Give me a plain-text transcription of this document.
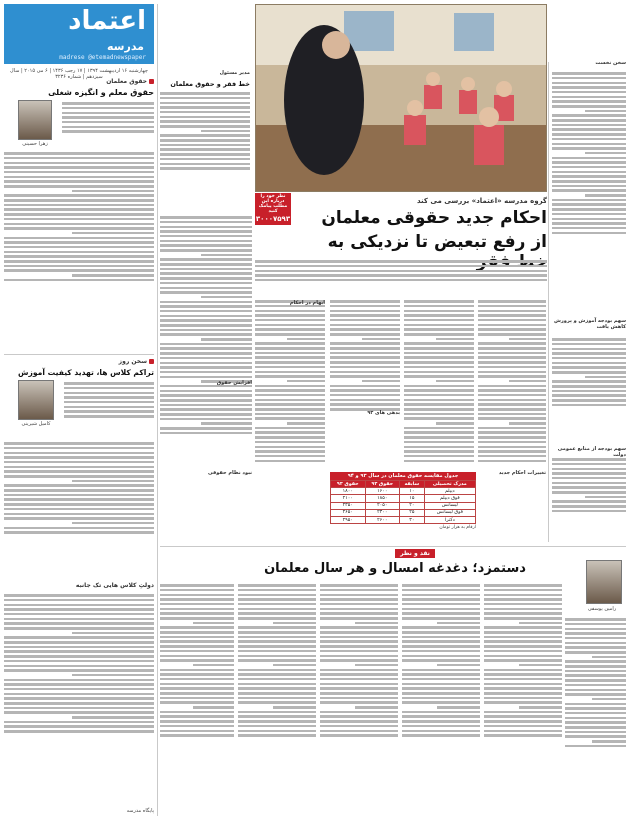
اعتماد
مدرسه
madrese @etemadnewspaper
چهارشنبه ۱۶ اردیبهشت ۱۳۹۴ | ۱۷ رجب ۱۴۳۶ | ۶ می ۲۰۱۵ | سال سیزدهم | شماره ۳۲۳۶
حقوق معلمان
حقوق معلم و انگیزه شغلی
زهرا حسینی
سخن روز
تراکم کلاس ها، تهدید کیفیت آموزش
کامیل شیرینی
دولتِ کلاس هایی تک جانبه
پایگاه مدرسه
مدیر مسئول
خط فقر و حقوق معلمان
نظر خود را درباره این مطلب پیامک کنید
۳۰۰۰۷۵۹۳
سخن نخست
سهم بودجه آموزش و پرورش کاهش یافت
سهم بودجه از منابع عمومی دولت
گروه مدرسه «اعتماد» بررسی می کند
احکام جدید حقوقی معلمان
از رفع تبعیض تا نزدیکی به
افزایش حقوق
نبود نظام حقوقی
ابهام در احکام
بدهی های ۹۳
تغییرات احکام جدید
جدول مقایسه حقوق معلمان در سال ۹۳ و ۹۴
مدرک تحصیلی	سابقه	حقوق ۹۳	حقوق ۹۴
دیپلم	۱۰	۱۶۰۰	۱۸۰۰
فوق دیپلم	۱۵	۱۸۵۰	۲۱۰۰
لیسانس	۲۰	۲۰۵۰	۲۳۵۰
فوق لیسانس	۲۵	۲۳۰۰	۲۶۵۰
دکترا	۳۰	۲۶۰۰	۲۹۵۰
ارقام به هزار تومان
نقد و نظر
دستمزد؛ دغدغه امسال و هر سال معلمان
رامین یوسفی
